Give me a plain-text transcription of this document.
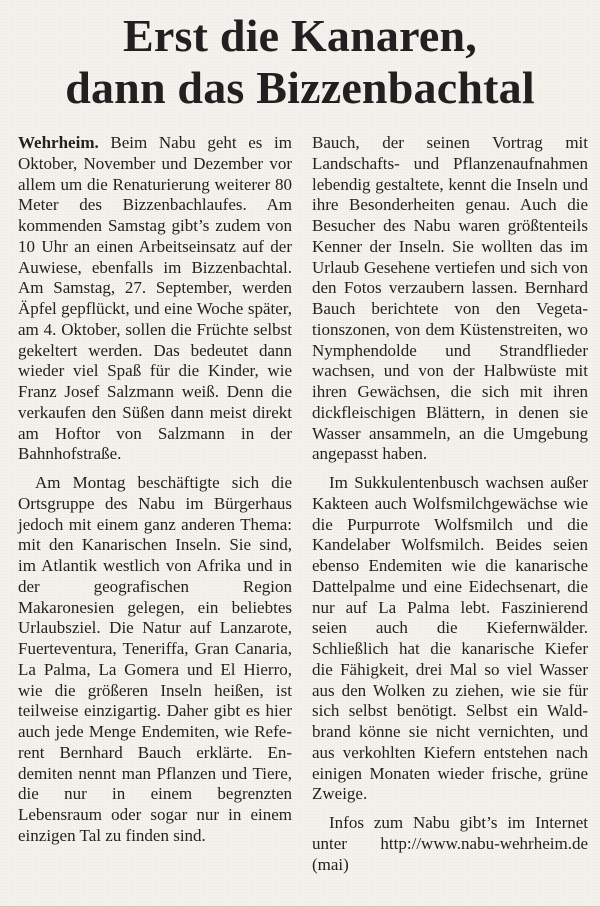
Erst die Kanaren,
dann das Bizzenbachtal

Wehrheim. Beim Nabu geht es im Oktober, November und Dezember vor allem um die Renaturierung weiterer 80 Meter des Bizzenbachlaufes. Am kommenden Samstag gibt’s zudem von 10 Uhr an einen Arbeitseinsatz auf der Auwiese, ebenfalls im Bizzenbachtal. Am Samstag, 27. September, werden Äpfel gepflückt, und eine Woche später, am 4. Oktober, sollen die Früchte selbst gekeltert werden. Das bedeutet dann wieder viel Spaß für die Kinder, wie Franz Josef Salzmann weiß. Denn die verkaufen den Süßen dann meist direkt am Hoftor von Salzmann in der Bahnhofstraße.

Am Montag beschäftigte sich die Ortsgruppe des Nabu im Bürgerhaus jedoch mit einem ganz anderen Thema: mit den Kanarischen Inseln. Sie sind, im Atlantik westlich von Afrika und in der geografischen Region Makaronesien gelegen, ein beliebtes Urlaubsziel. Die Natur auf Lanzarote, Fuerteventura, Teneriffa, Gran Canaria, La Palma, La Gomera und El Hierro, wie die größeren Inseln heißen, ist teilweise einzigartig. Daher gibt es hier auch jede Menge Endemiten, wie Referent Bernhard Bauch erklärte. Endemiten nennt man Pflanzen und Tiere, die nur in einem begrenzten Lebensraum oder sogar nur in einem einzigen Tal zu finden sind.

Bauch, der seinen Vortrag mit Landschafts- und Pflanzenaufnahmen lebendig gestaltete, kennt die Inseln und ihre Besonderheiten genau. Auch die Besucher des Nabu waren größtenteils Kenner der Inseln. Sie wollten das im Urlaub Gesehene vertiefen und sich von den Fotos verzaubern lassen. Bernhard Bauch berichtete von den Vegetationszonen, von dem Küstenstreiten, wo Nymphendolde und Strandflieder wachsen, und von der Halbwüste mit ihren Gewächsen, die sich mit ihren dickfleischigen Blättern, in denen sie Wasser ansammeln, an die Umgebung angepasst haben.

Im Sukkulentenbusch wachsen außer Kakteen auch Wolfsmilchgewächse wie die Purpurrote Wolfsmilch und die Kandelaber Wolfsmilch. Beides seien ebenso Endemiten wie die kanarische Dattelpalme und eine Eidechsenart, die nur auf La Palma lebt. Faszinierend seien auch die Kiefernwälder. Schließlich hat die kanarische Kiefer die Fähigkeit, drei Mal so viel Wasser aus den Wolken zu ziehen, wie sie für sich selbst benötigt. Selbst ein Waldbrand könne sie nicht vernichten, und aus verkohlten Kiefern entstehen nach einigen Monaten wieder frische, grüne Zweige.

Infos zum Nabu gibt’s im Internet unter http://www.nabu-wehrheim.de (mai)
